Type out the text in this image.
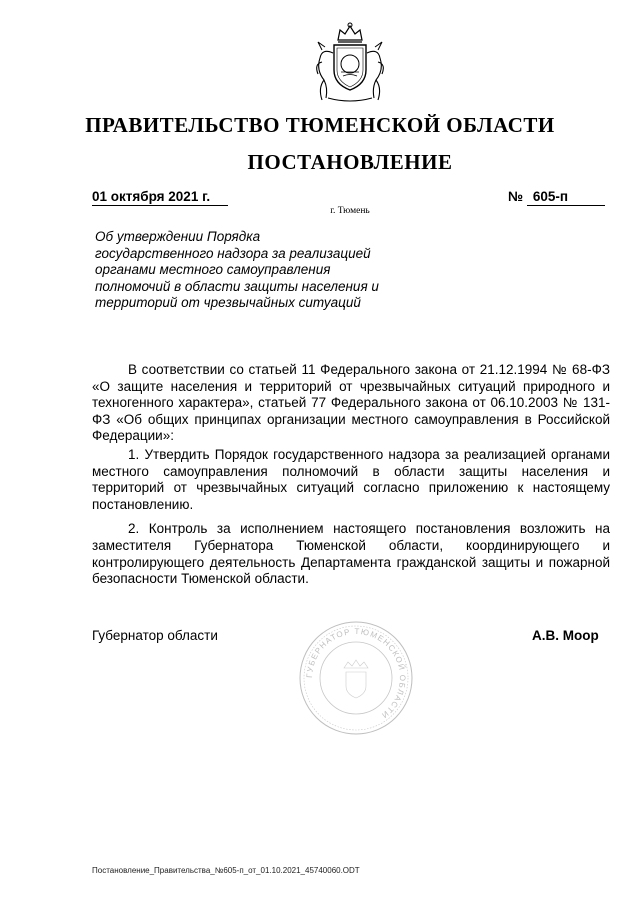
ПРАВИТЕЛЬСТВО ТЮМЕНСКОЙ ОБЛАСТИ
ПОСТАНОВЛЕНИЕ
01 октября 2021 г.	№ 605-п
г. Тюмень
Об утверждении Порядка
государственного надзора за реализацией
органами местного самоуправления
полномочий в области защиты населения и
территорий от чрезвычайных ситуаций

В соответствии со статьей 11 Федерального закона от 21.12.1994 № 68-ФЗ «О защите населения и территорий от чрезвычайных ситуаций природного и техногенного характера», статьей 77 Федерального закона от 06.10.2003 № 131-ФЗ «Об общих принципах организации местного самоуправления в Российской Федерации»:

1. Утвердить Порядок государственного надзора за реализацией органами местного самоуправления полномочий в области защиты населения и территорий от чрезвычайных ситуаций согласно приложению к настоящему постановлению.

2. Контроль за исполнением настоящего постановления возложить на заместителя Губернатора Тюменской области, координирующего и контролирующего деятельность Департамента гражданской защиты и пожарной безопасности Тюменской области.

ГУБЕРНАТОР ТЮМЕНСКОЙ ОБЛАСТИ
Губернатор области	А.В. Моор
Постановление_Правительства_№605-п_от_01.10.2021_45740060.ODT
